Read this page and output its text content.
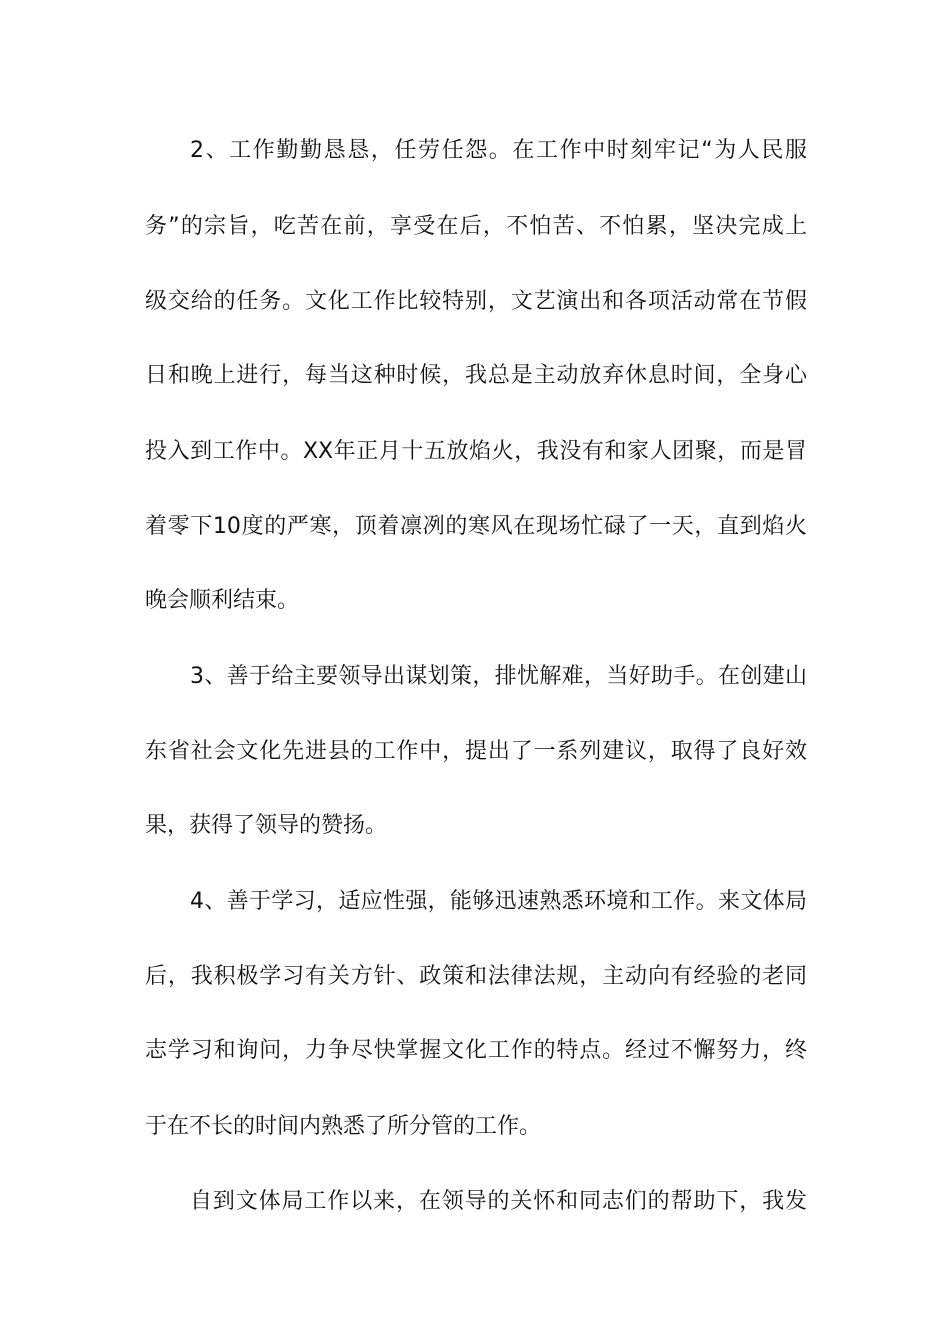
2、工作勤勤恳恳，任劳任怨。在工作中时刻牢记“为人民服
务”的宗旨，吃苦在前，享受在后，不怕苦、不怕累，坚决完成上
级交给的任务。文化工作比较特别，文艺演出和各项活动常在节假
日和晚上进行，每当这种时候，我总是主动放弃休息时间，全身心
投入到工作中。XX年正月十五放焰火，我没有和家人团聚，而是冒
着零下10度的严寒，顶着凛冽的寒风在现场忙碌了一天，直到焰火
晚会顺利结束。
3、善于给主要领导出谋划策，排忧解难，当好助手。在创建山
东省社会文化先进县的工作中，提出了一系列建议，取得了良好效
果，获得了领导的赞扬。
4、善于学习，适应性强，能够迅速熟悉环境和工作。来文体局
后，我积极学习有关方针、政策和法律法规，主动向有经验的老同
志学习和询问，力争尽快掌握文化工作的特点。经过不懈努力，终
于在不长的时间内熟悉了所分管的工作。
自到文体局工作以来，在领导的关怀和同志们的帮助下，我发
